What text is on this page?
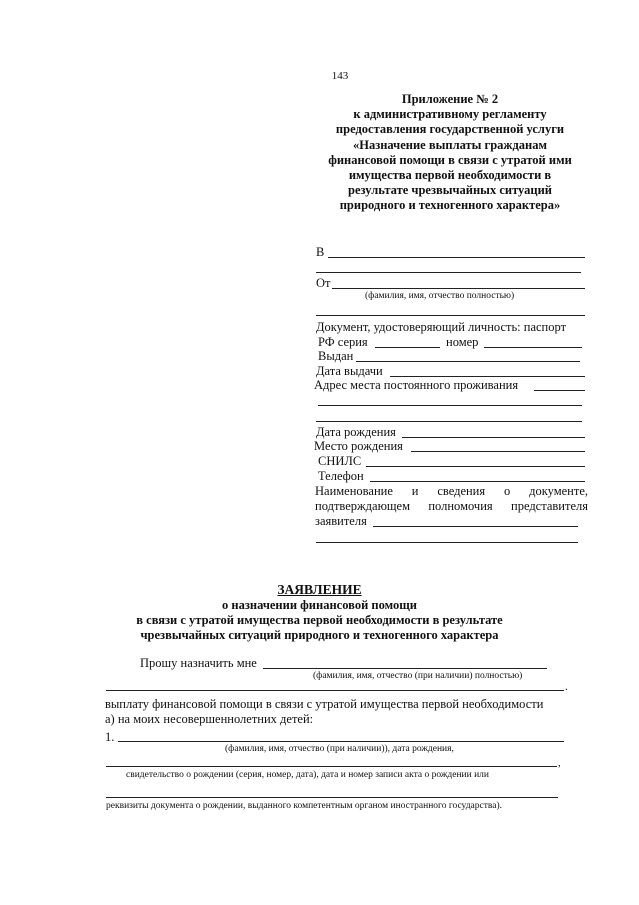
143
Приложение № 2
к административному регламенту
предоставления государственной услуги
«Назначение выплаты гражданам
финансовой помощи в связи с утратой ими
имущества первой необходимости в
результате чрезвычайных ситуаций
природного и техногенного характера»
В
От
(фамилия, имя, отчество полностью)
Документ, удостоверяющий личность: паспорт
РФ серия	номер
Выдан
Дата выдачи
Адрес места постоянного проживания
Дата рождения
Место рождения
СНИЛС
Телефон
Наименование и сведения о документе,
подтверждающем полномочия представителя
заявителя
ЗАЯВЛЕНИЕ
о назначении финансовой помощи
в связи с утратой имущества первой необходимости в результате
чрезвычайных ситуаций природного и техногенного характера
Прошу назначить мне
(фамилия, имя, отчество (при наличии) полностью)
.
выплату финансовой помощи в связи с утратой имущества первой необходимости
а) на моих несовершеннолетних детей:
1.
(фамилия, имя, отчество (при наличии)), дата рождения,
,
свидетельство о рождении (серия, номер, дата), дата и номер записи акта о рождении или
реквизиты документа о рождении, выданного компетентным органом иностранного государства).
